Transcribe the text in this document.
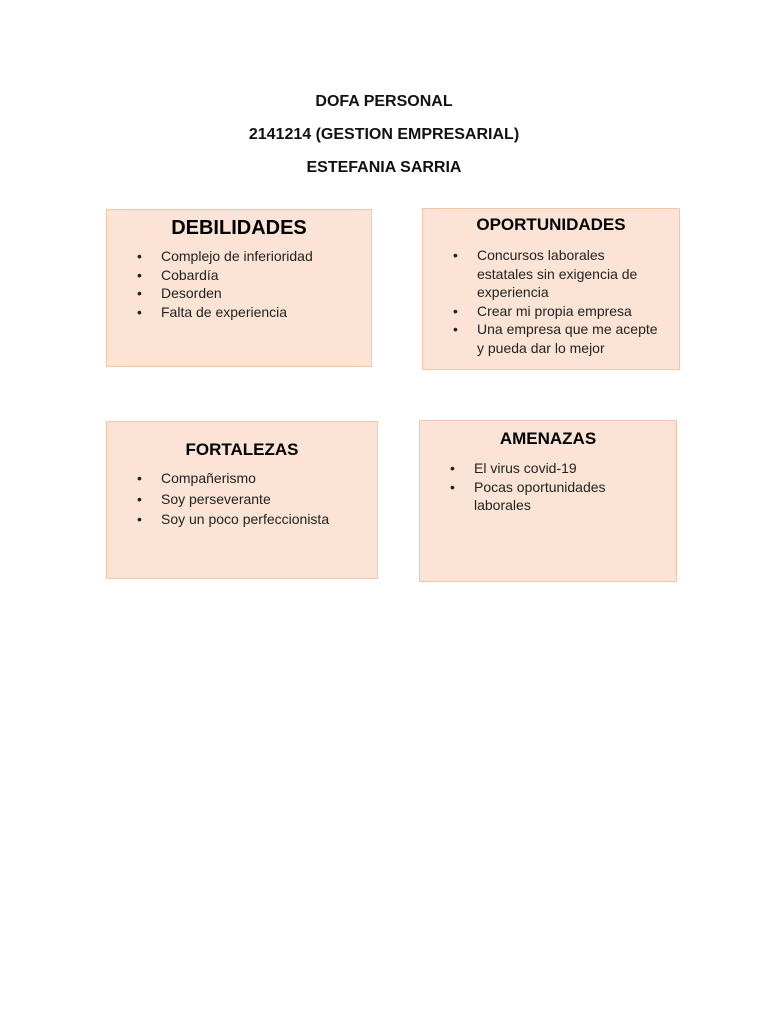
DOFA PERSONAL
2141214 (GESTION EMPRESARIAL)
ESTEFANIA SARRIA
DEBILIDADES
• Complejo de inferioridad
• Cobardía
• Desorden
• Falta de experiencia
OPORTUNIDADES
• Concursos laborales estatales sin exigencia de experiencia
• Crear mi propia empresa
• Una empresa que me acepte y pueda dar lo mejor
FORTALEZAS
• Compañerismo
• Soy perseverante
• Soy un poco perfeccionista
AMENAZAS
• El virus covid-19
• Pocas oportunidades laborales
